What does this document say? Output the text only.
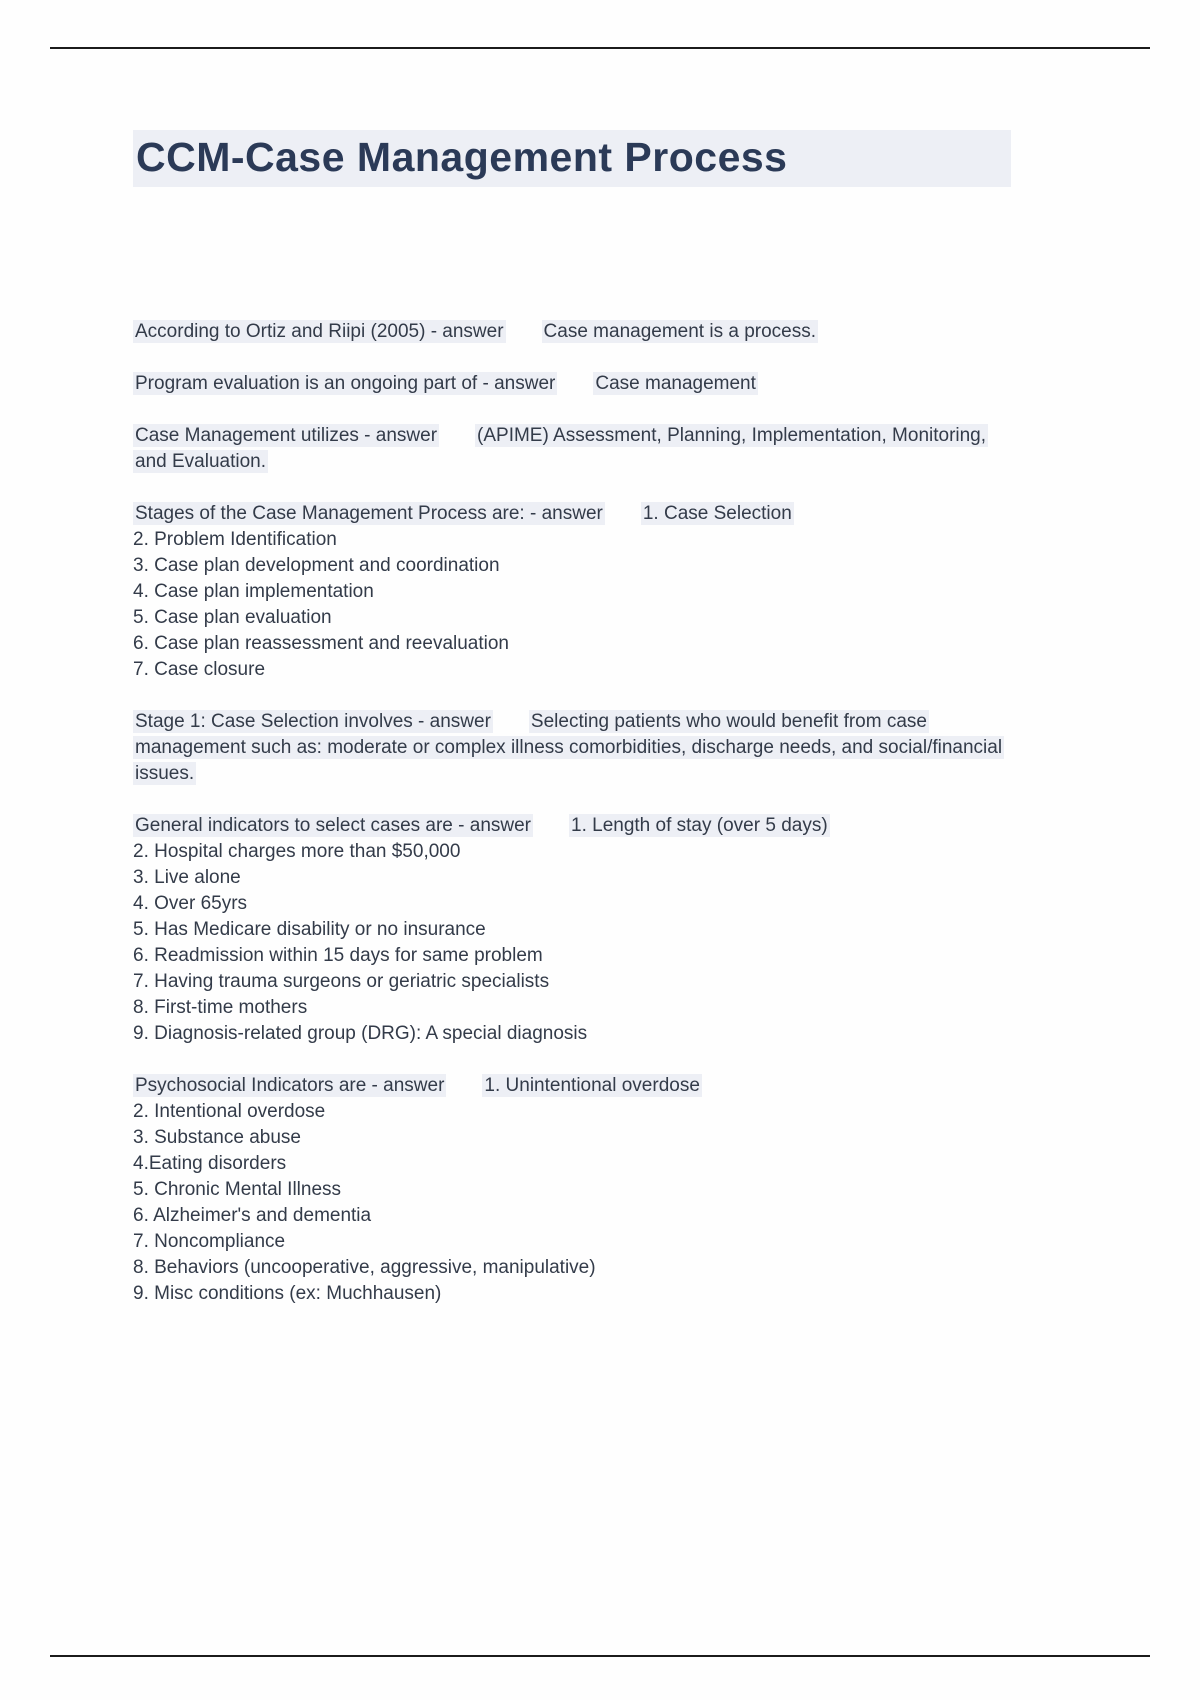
CCM-Case Management Process

According to Ortiz and Riipi (2005) - answer Case management is a process.

Program evaluation is an ongoing part of - answer Case management

Case Management utilizes - answer (APIME) Assessment, Planning, Implementation, Monitoring, and Evaluation.

Stages of the Case Management Process are: - answer 1. Case Selection

2. Problem Identification
3. Case plan development and coordination
4. Case plan implementation
5. Case plan evaluation
6. Case plan reassessment and reevaluation
7. Case closure

Stage 1: Case Selection involves - answer Selecting patients who would benefit from case management such as: moderate or complex illness comorbidities, discharge needs, and social/financial issues.

General indicators to select cases are - answer 1. Length of stay (over 5 days)

2. Hospital charges more than $50,000
3. Live alone
4. Over 65yrs
5. Has Medicare disability or no insurance
6. Readmission within 15 days for same problem
7. Having trauma surgeons or geriatric specialists
8. First-time mothers
9. Diagnosis-related group (DRG): A special diagnosis

Psychosocial Indicators are - answer 1. Unintentional overdose

2. Intentional overdose
3. Substance abuse
4.Eating disorders
5. Chronic Mental Illness
6. Alzheimer's and dementia
7. Noncompliance
8. Behaviors (uncooperative, aggressive, manipulative)
9. Misc conditions (ex: Muchhausen)
